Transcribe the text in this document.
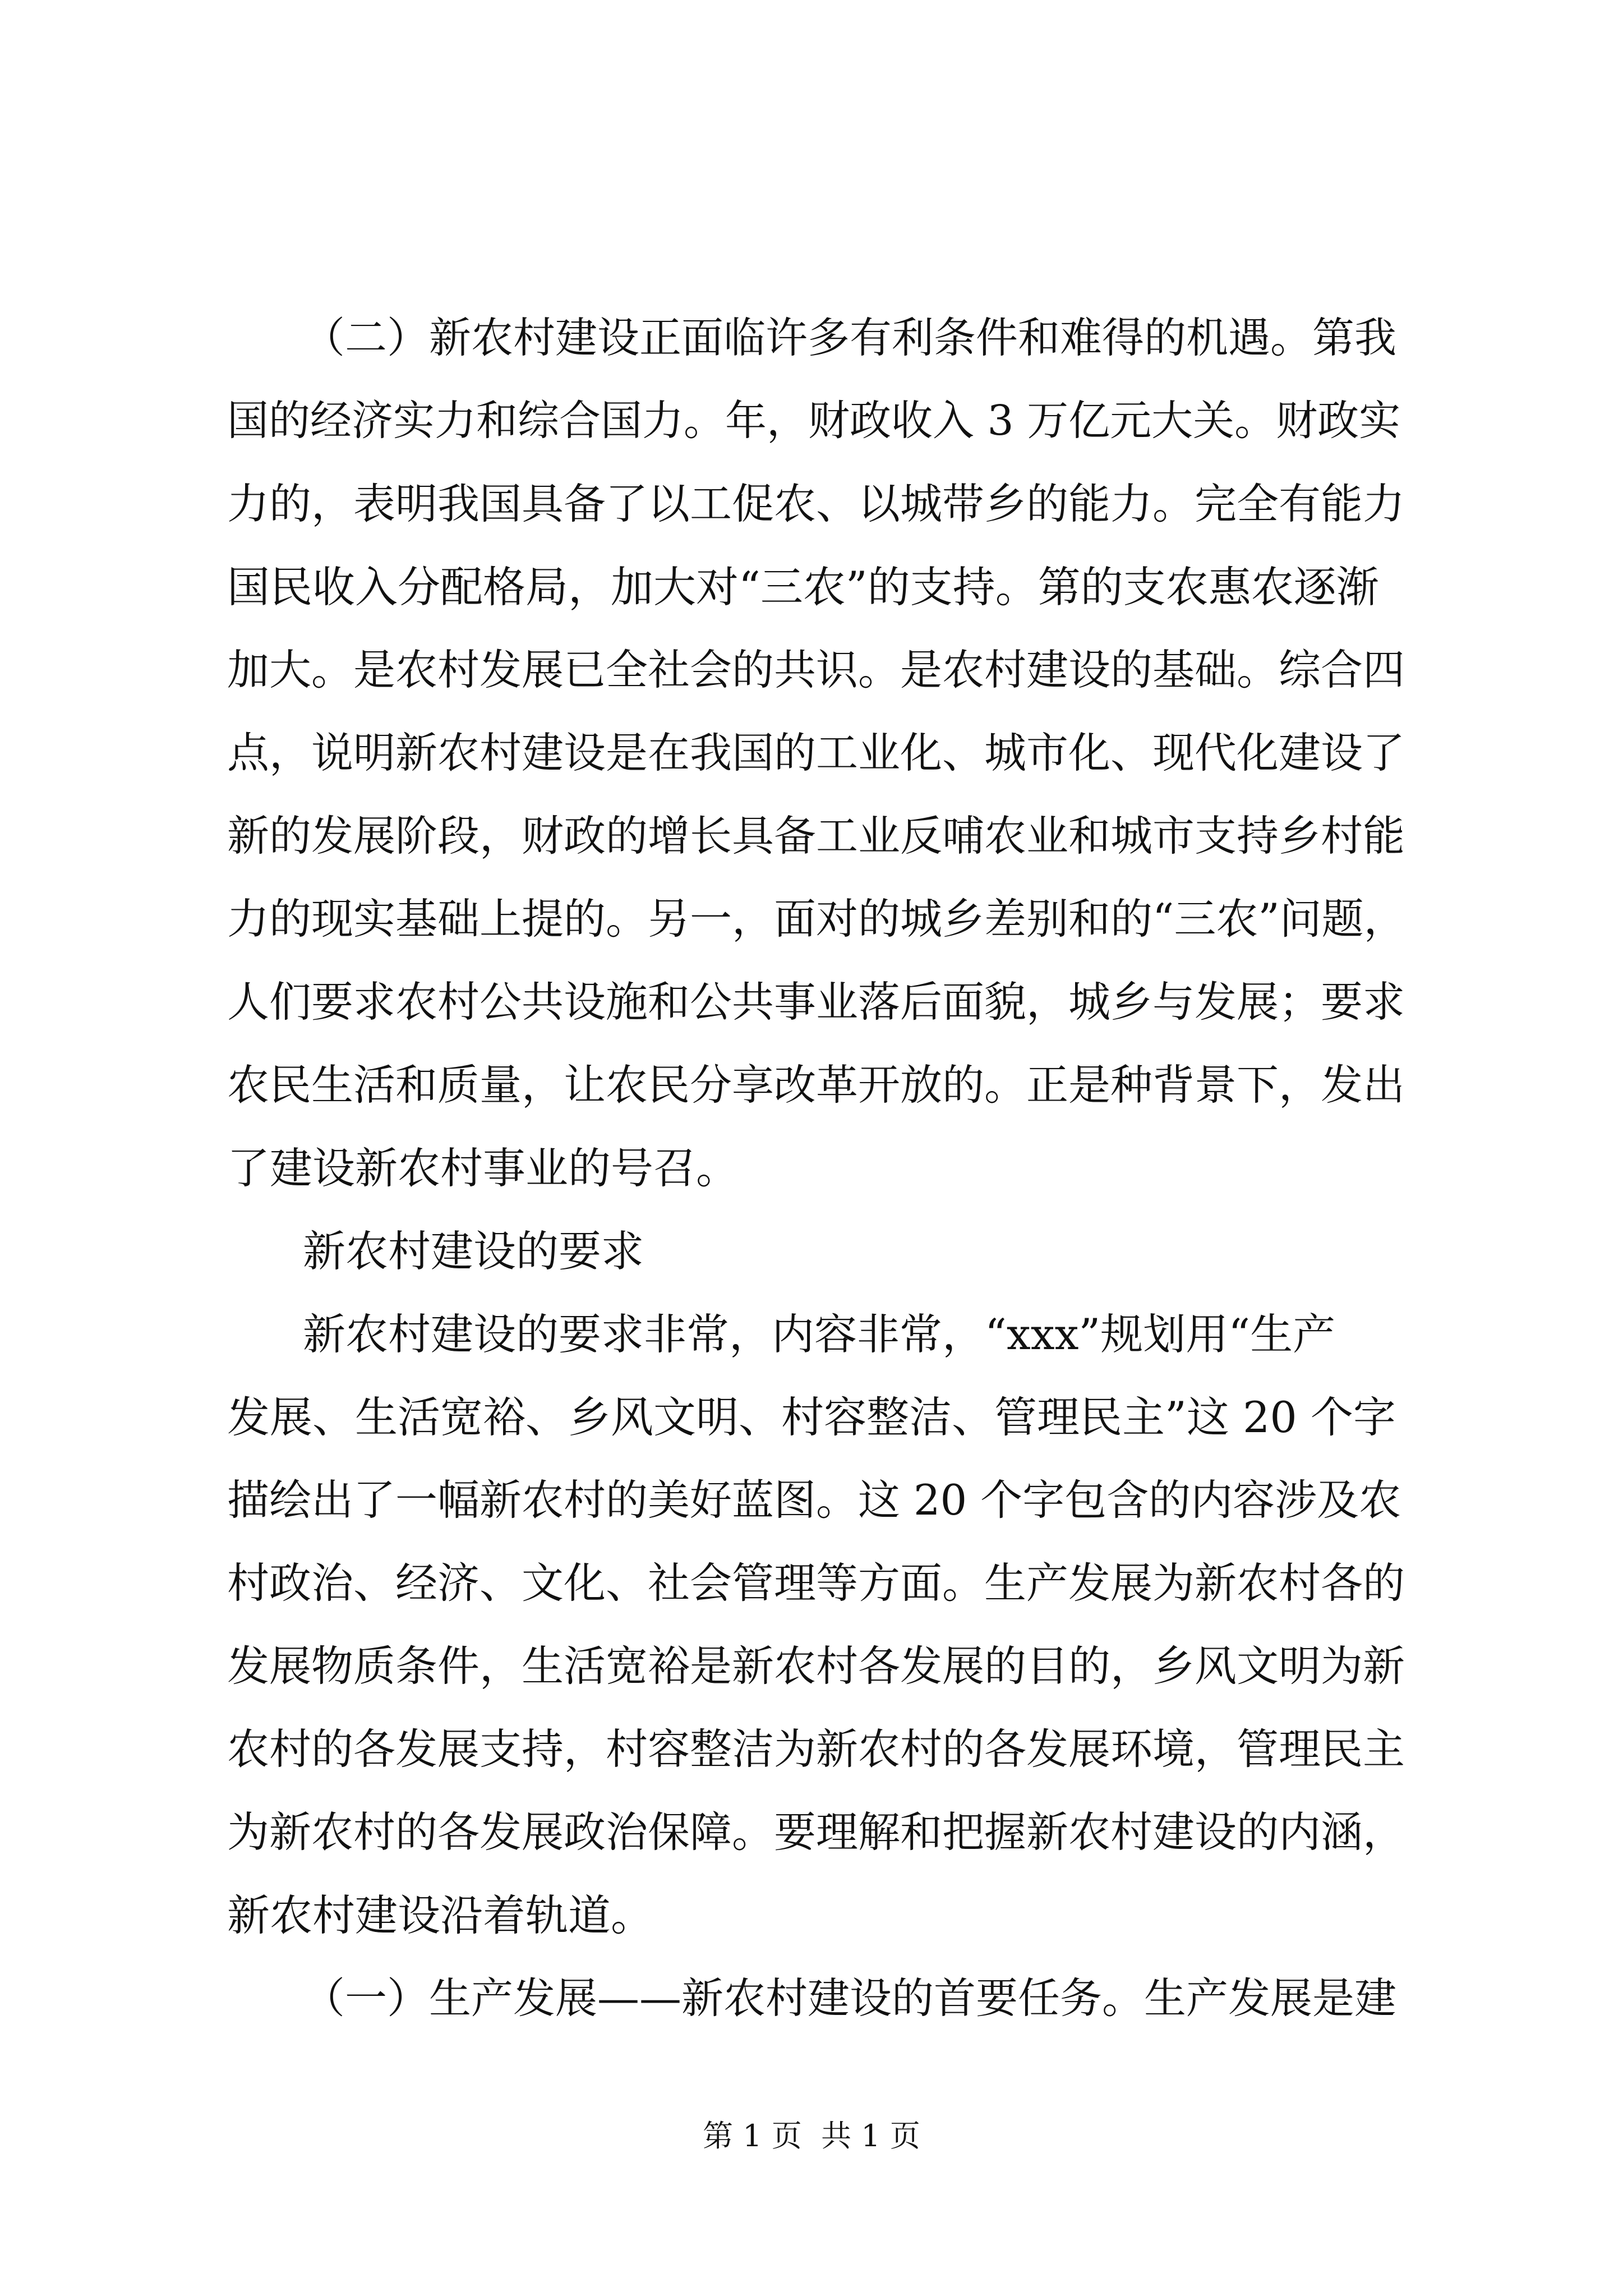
（二）新农村建设正面临许多有利条件和难得的机遇。第我
国的经济实力和综合国力。年，财政收入 3 万亿元大关。财政实
力的，表明我国具备了以工促农、以城带乡的能力。完全有能力
国民收入分配格局，加大对“三农”的支持。第的支农惠农逐渐
加大。是农村发展已全社会的共识。是农村建设的基础。综合四
点，说明新农村建设是在我国的工业化、城市化、现代化建设了
新的发展阶段，财政的增长具备工业反哺农业和城市支持乡村能
力的现实基础上提的。另一，面对的城乡差别和的“三农”问题，
人们要求农村公共设施和公共事业落后面貌，城乡与发展；要求
农民生活和质量，让农民分享改革开放的。正是种背景下，发出
了建设新农村事业的号召。
新农村建设的要求
新农村建设的要求非常，内容非常，“xxx”规划用“生产
发展、生活宽裕、乡风文明、村容整洁、管理民主”这 20 个字
描绘出了一幅新农村的美好蓝图。这 20 个字包含的内容涉及农
村政治、经济、文化、社会管理等方面。生产发展为新农村各的
发展物质条件，生活宽裕是新农村各发展的目的，乡风文明为新
农村的各发展支持，村容整洁为新农村的各发展环境，管理民主
为新农村的各发展政治保障。要理解和把握新农村建设的内涵，
新农村建设沿着轨道。
（一）生产发展——新农村建设的首要任务。生产发展是建
第 1 页  共 1 页
